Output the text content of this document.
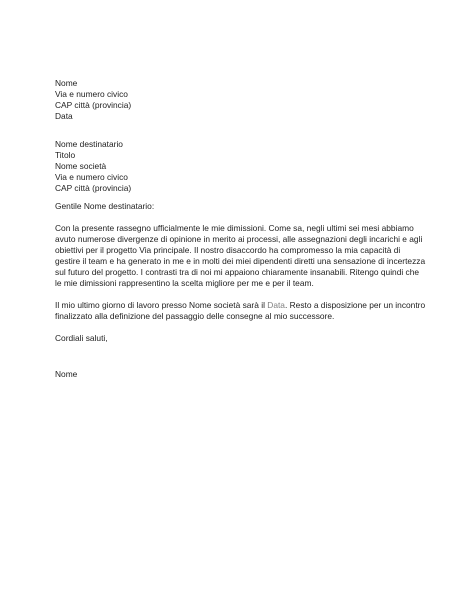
Nome
Via e numero civico
CAP città (provincia)
Data
Nome destinatario
Titolo
Nome società
Via e numero civico
CAP città (provincia)
Gentile Nome destinatario:
Con la presente rassegno ufficialmente le mie dimissioni. Come sa, negli ultimi sei mesi abbiamo
avuto numerose divergenze di opinione in merito ai processi, alle assegnazioni degli incarichi e agli
obiettivi per il progetto Via principale. Il nostro disaccordo ha compromesso la mia capacità di
gestire il team e ha generato in me e in molti dei miei dipendenti diretti una sensazione di incertezza
sul futuro del progetto. I contrasti tra di noi mi appaiono chiaramente insanabili. Ritengo quindi che
le mie dimissioni rappresentino la scelta migliore per me e per il team.
Il mio ultimo giorno di lavoro presso Nome società sarà il Data. Resto a disposizione per un incontro
finalizzato alla definizione del passaggio delle consegne al mio successore.
Cordiali saluti,
Nome
